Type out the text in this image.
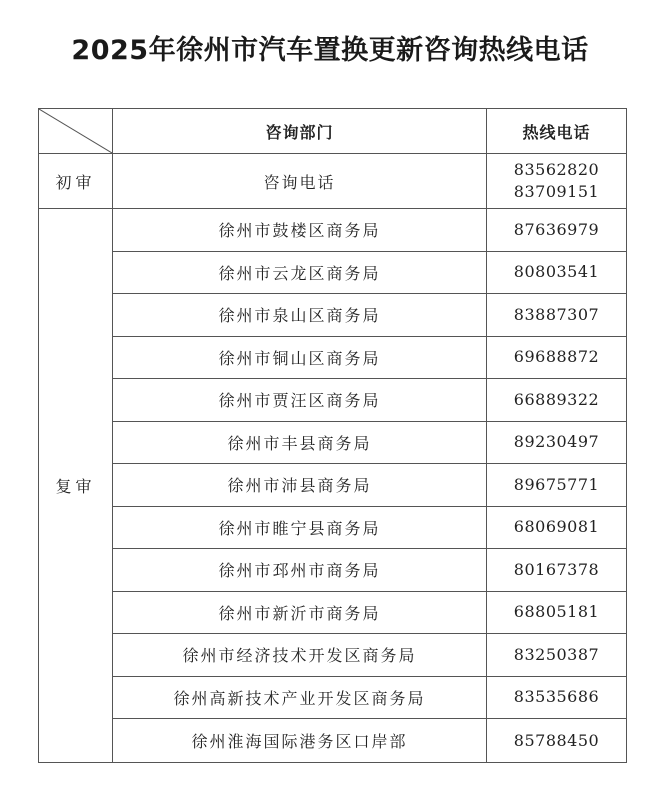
2025年徐州市汽车置换更新咨询热线电话
	咨询部门	热线电话
初审	咨询电话	83562820
83709151

复审	徐州市鼓楼区商务局	87636979
	徐州市云龙区商务局	80803541
	徐州市泉山区商务局	83887307
	徐州市铜山区商务局	69688872
	徐州市贾汪区商务局	66889322
	徐州市丰县商务局	89230497
	徐州市沛县商务局	89675771
	徐州市睢宁县商务局	68069081
	徐州市邳州市商务局	80167378
	徐州市新沂市商务局	68805181
	徐州市经济技术开发区商务局	83250387
	徐州高新技术产业开发区商务局	83535686
	徐州淮海国际港务区口岸部	85788450
